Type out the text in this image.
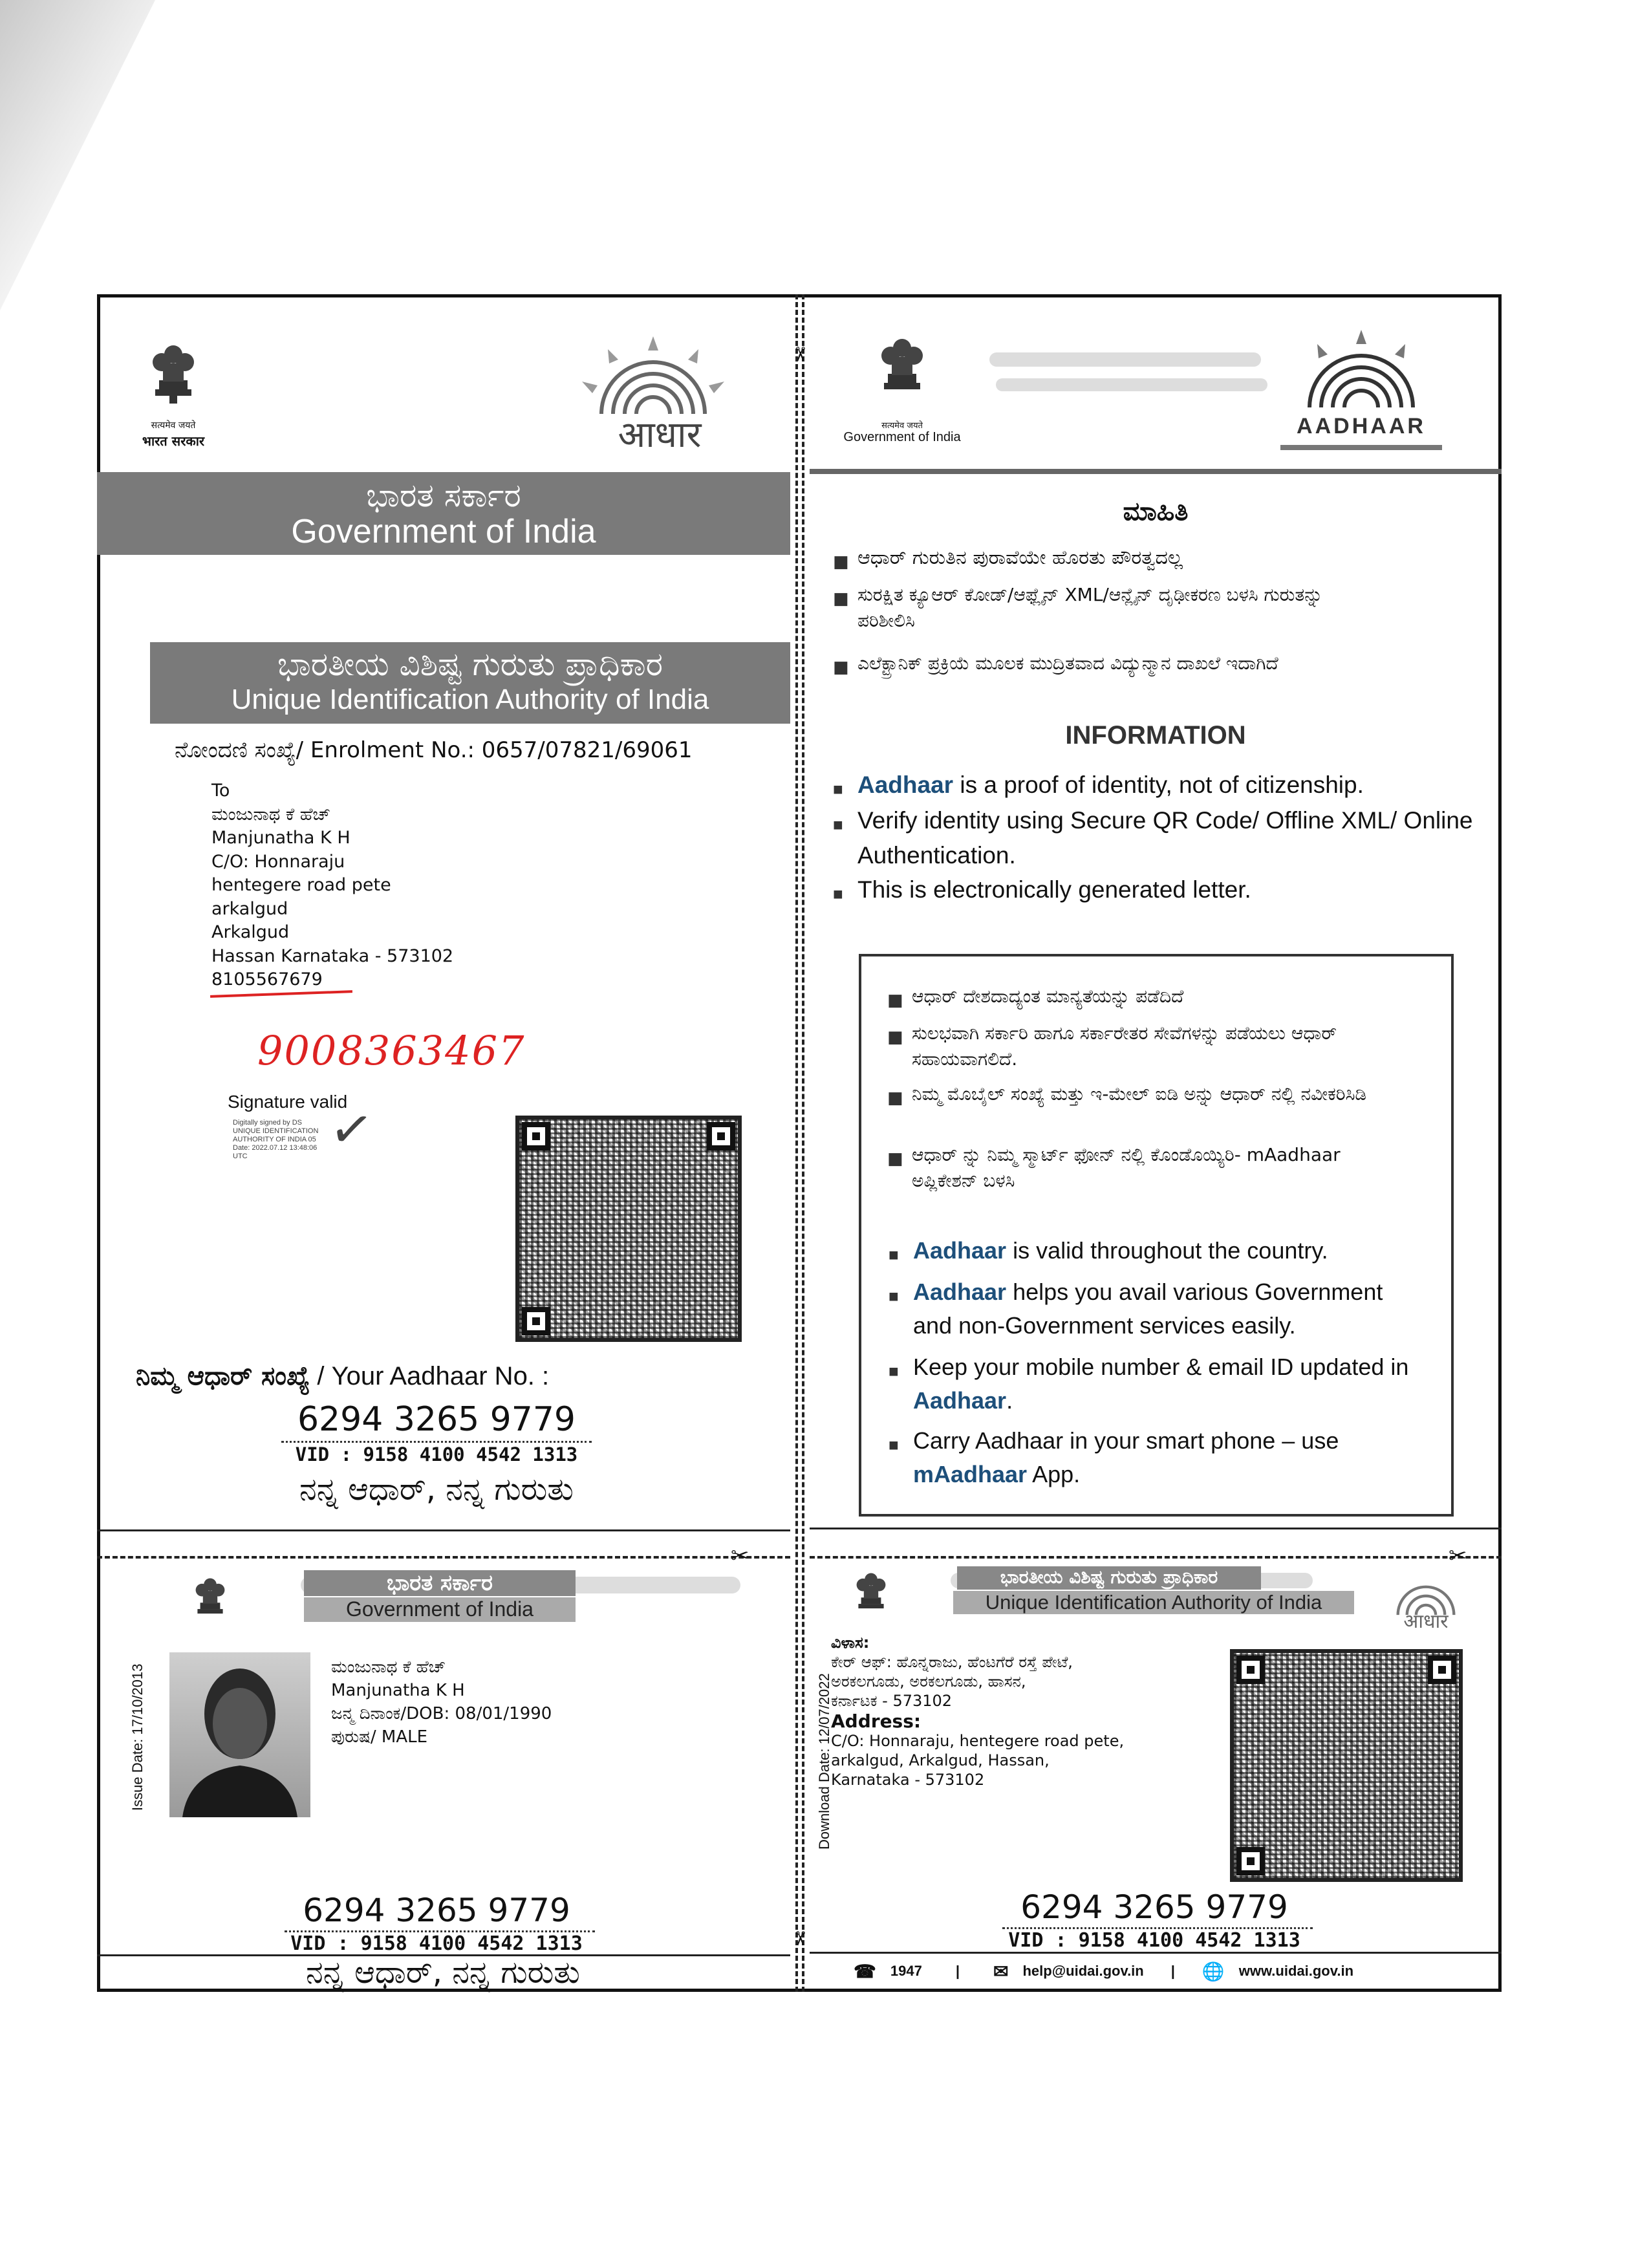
✂
✂
सत्यमेव जयते
भारत सरकार	आधार
ಭಾರತ ಸರ್ಕಾರ
Government of India
ಭಾರತೀಯ ವಿಶಿಷ್ಟ ಗುರುತು ಪ್ರಾಧಿಕಾರ
Unique Identification Authority of India
ನೋಂದಣಿ ಸಂಖ್ಯೆ/ Enrolment No.: 0657/07821/69061
To
ಮಂಜುನಾಥ ಕೆ ಹೆಚ್
Manjunatha K H
C/O: Honnaraju
hentegere road pete
arkalgud
Arkalgud
Hassan Karnataka - 573102
8105567679
9008363467
Signature valid
✓
Digitally signed by DS
UNIQUE IDENTIFICATION
AUTHORITY OF INDIA 05
Date: 2022.07.12 13:48:06
UTC
ನಿಮ್ಮ ಆಧಾರ್ ಸಂಖ್ಯೆ / Your Aadhaar No. :
6294 3265 9779
VID : 9158 4100 4542 1313
ನನ್ನ ಆಧಾರ್, ನನ್ನ ಗುರುತು
✂
सत्यमेव जयते
Government of India	AADHAAR
ಮಾಹಿತಿ
■ ಆಧಾರ್ ಗುರುತಿನ ಪುರಾವೆಯೇ ಹೊರತು ಪೌರತ್ವದಲ್ಲ
■ ಸುರಕ್ಷಿತ ಕ್ಯೂಆರ್ ಕೋಡ್/ಆಫ್ಲೈನ್ XML/ಆನ್ಲೈನ್ ದೃಢೀಕರಣ ಬಳಸಿ ಗುರುತನ್ನು ಪರಿಶೀಲಿಸಿ
■ ಎಲೆಕ್ಟ್ರಾನಿಕ್ ಪ್ರಕ್ರಿಯೆ ಮೂಲಕ ಮುದ್ರಿತವಾದ ವಿದ್ಯುನ್ಮಾನ ದಾಖಲೆ ಇದಾಗಿದೆ
INFORMATION
■ Aadhaar is a proof of identity, not of citizenship.
■ Verify identity using Secure QR Code/ Offline XML/ Online Authentication.
■ This is electronically generated letter.
■ ಆಧಾರ್ ದೇಶದಾದ್ಯಂತ ಮಾನ್ಯತೆಯನ್ನು ಪಡೆದಿದೆ
■ ಸುಲಭವಾಗಿ ಸರ್ಕಾರಿ ಹಾಗೂ ಸರ್ಕಾರೇತರ ಸೇವೆಗಳನ್ನು ಪಡೆಯಲು ಆಧಾರ್ ಸಹಾಯವಾಗಲಿದೆ.
■ ನಿಮ್ಮ ಮೊಬೈಲ್ ಸಂಖ್ಯೆ ಮತ್ತು ಇ-ಮೇಲ್ ಐಡಿ ಅನ್ನು ಆಧಾರ್ ನಲ್ಲಿ ನವೀಕರಿಸಿಡಿ
■ ಆಧಾರ್ ನ್ನು ನಿಮ್ಮ ಸ್ಮಾರ್ಟ್ ಫೋನ್ ನಲ್ಲಿ ಕೊಂಡೊಯ್ಯಿರಿ- mAadhaar ಅಪ್ಲಿಕೇಶನ್ ಬಳಸಿ
■ Aadhaar is valid throughout the country.
■ Aadhaar helps you avail various Government and non-Government services easily.
■ Keep your mobile number & email ID updated in Aadhaar.
■ Carry Aadhaar in your smart phone – use mAadhaar App.
✂
ಭಾರತ ಸರ್ಕಾರ
Government of India
Issue Date: 17/10/2013	ಮಂಜುನಾಥ ಕೆ ಹೆಚ್
Manjunatha K H
ಜನ್ಮ ದಿನಾಂಕ/DOB: 08/01/1990
ಪುರುಷ/ MALE
6294 3265 9779
VID : 9158 4100 4542 1313
ನನ್ನ ಆಧಾರ್, ನನ್ನ ಗುರುತು
ಭಾರತೀಯ ವಿಶಿಷ್ಟ ಗುರುತು ಪ್ರಾಧಿಕಾರ
Unique Identification Authority of India
आधार
Download Date: 12/07/2022
ವಿಳಾಸ:
ಕೇರ್ ಆಫ್: ಹೊನ್ನರಾಜು, ಹೆಂಟಗೆರೆ ರಸ್ತೆ ಪೇಟೆ,
ಅರಕಲಗೂಡು, ಅರಕಲಗೂಡು, ಹಾಸನ,
ಕರ್ನಾಟಕ - 573102
Address:
C/O: Honnaraju, hentegere road pete,
arkalgud, Arkalgud, Hassan,
Karnataka - 573102
6294 3265 9779
VID : 9158 4100 4542 1313
☎ 1947 | ✉ help@uidai.gov.in | 🌐 www.uidai.gov.in
